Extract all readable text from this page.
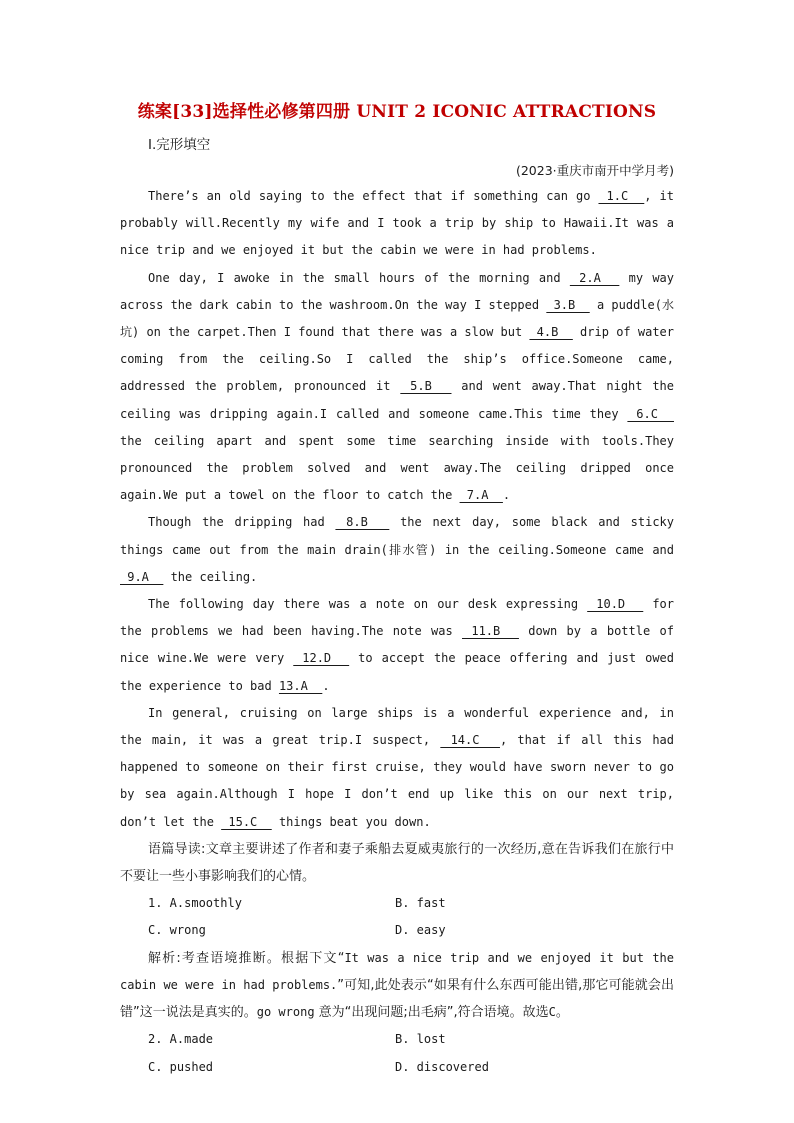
练案[33]选择性必修第四册 UNIT 2 ICONIC ATTRACTIONS
Ⅰ.完形填空
(2023·重庆市南开中学月考)

There’s an old saying to the effect that if something can go  1.C  , it probably will.Recently my wife and I took a trip by ship to Hawaii.It was a nice trip and we enjoyed it but the cabin we were in had problems.

One day, I awoke in the small hours of the morning and  2.A   my way across the dark cabin to the washroom.On the way I stepped  3.B   a puddle(水坑) on the carpet.Then I found that there was a slow but  4.B   drip of water coming from the ceiling.So I called the ship’s office.Someone came, addressed the problem, pronounced it  5.B   and went away.That night the ceiling was dripping again.I called and someone came.This time they  6.C   the ceiling apart and spent some time searching inside with tools.They pronounced the problem solved and went away.The ceiling dripped once again.We put a towel on the floor to catch the  7.A  .

Though the dripping had  8.B   the next day, some black and sticky things came out from the main drain(排水管) in the ceiling.Someone came and  9.A   the ceiling.

The following day there was a note on our desk expressing  10.D   for the problems we had been having.The note was  11.B   down by a bottle of nice wine.We were very  12.D   to accept the peace offering and just owed the experience to bad 13.A  .

In general, cruising on large ships is a wonderful experience and, in the main, it was a great trip.I suspect,  14.C  , that if all this had happened to someone on their first cruise, they would have sworn never to go by sea again.Although I hope I don’t end up like this on our next trip, don’t let the  15.C   things beat you down.

语篇导读:文章主要讲述了作者和妻子乘船去夏威夷旅行的一次经历,意在告诉我们在旅行中不要让一些小事影响我们的心情。

1. A.smoothly	B. fast
C. wrong	D. easy

解析:考查语境推断。根据下文“It was a nice trip and we enjoyed it but the cabin we were in had problems.”可知,此处表示“如果有什么东西可能出错,那它可能就会出错”这一说法是真实的。go wrong 意为“出现问题;出毛病”,符合语境。故选C。

2. A.made	B. lost
C. pushed	D. discovered
